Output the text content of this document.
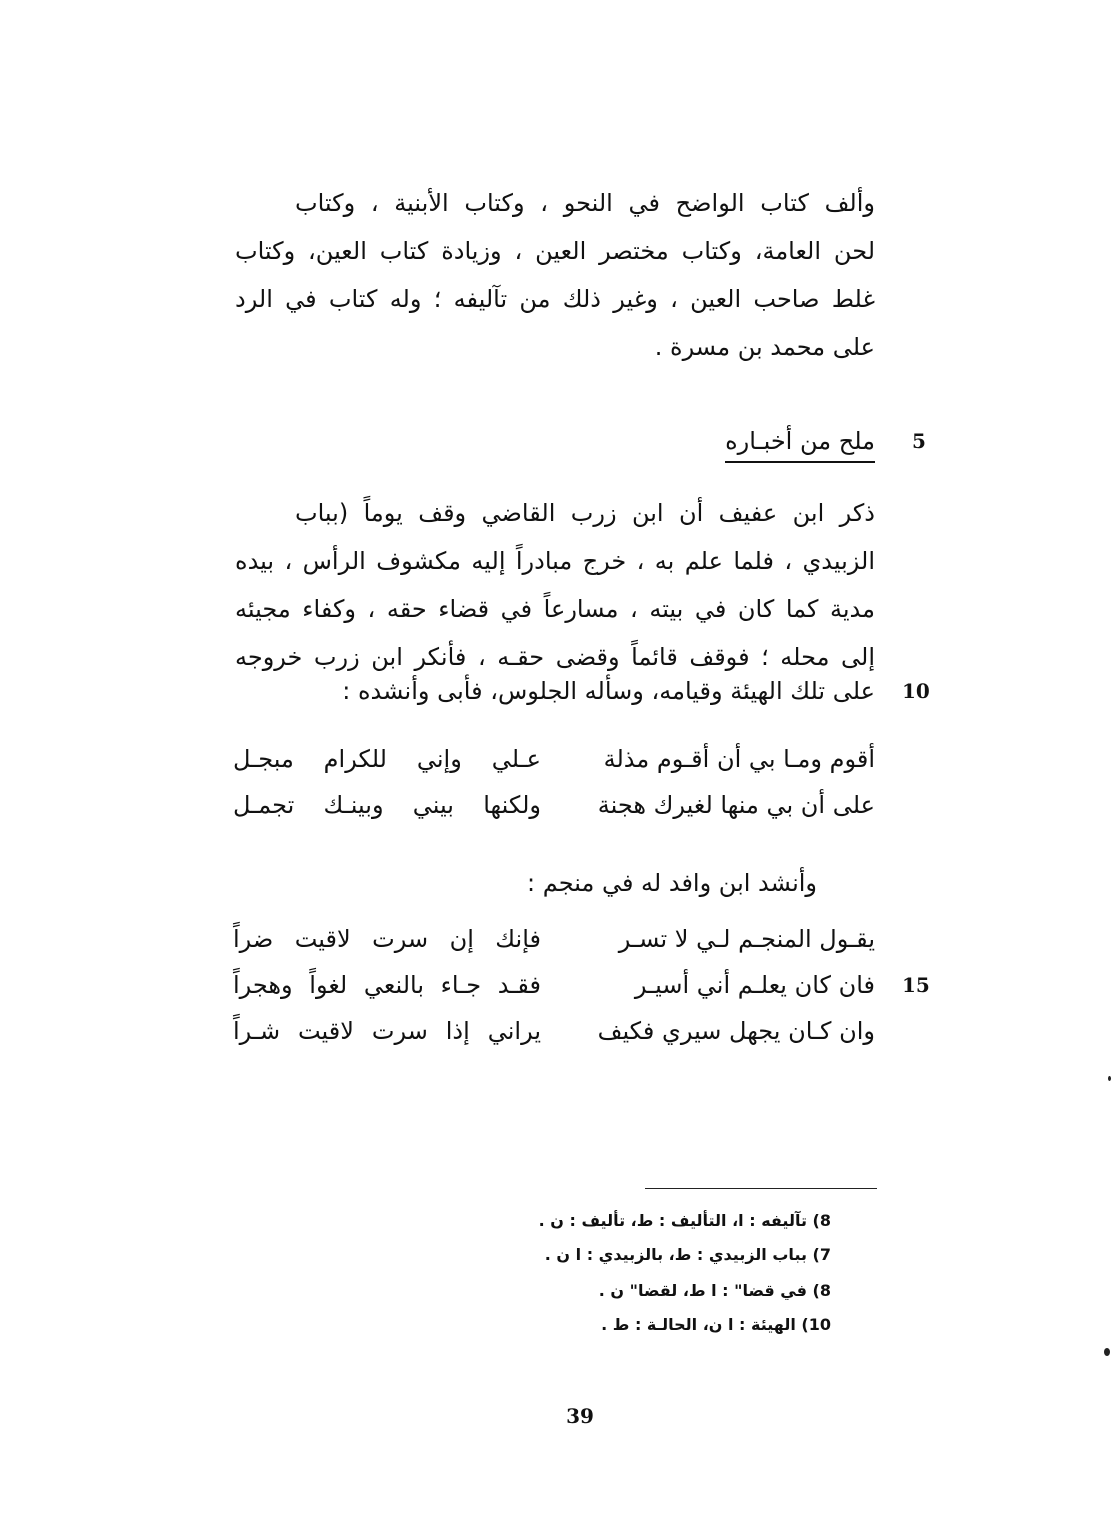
وألف كتاب الواضح في النحو ، وكتاب الأبنية ، وكتاب
لحن العامة، وكتاب مختصر العين ، وزيادة كتاب العين، وكتاب
غلط صاحب العين ، وغير ذلك من تآليفه ؛ وله كتاب في الرد
على محمد بن مسرة .
5
ملح من أخبـاره
ذكر ابن عفيف أن ابن زرب القاضي وقف يوماً (بباب
الزبيدي ، فلما علم به ، خرج مبادراً إليه مكشوف الرأس ، بيده
مدية كما كان في بيته ، مسارعاً في قضاء حقه ، وكفاء مجيئه
إلى محله ؛ فوقف قائماً وقضى حقـه ، فأنكر ابن زرب خروجه
على تلك الهيئة وقيامه، وسأله الجلوس، فأبى وأنشده : 10
أقوم ومـا بي أن أقـوم مذلة
عـلي وإني للكرام مبجـل
على أن بي منها لغيرك هجنة
ولكنها بيني وبينـك تجمـل
وأنشد ابن وافد له في منجم :
يقـول المنجـم لـي لا تسـر
فإنك إن سرت لاقيت ضراً
فان كان يعلـم أني أسيـر
فقـد جـاء بالنعي لغواً وهجراً
وان كـان يجهل سيري فكيف
يراني إذا سرت لاقيت شـراً
15
8) تآليفه : ا، التأليف : ط، تأليف : ن .
7) بباب الزبيدي : ط، بالزبيدي : ا ن .
8) في قضا" : ا ط، لقضا" ن .
10) الهيئة : ا ن، الحالـة : ط .
39
